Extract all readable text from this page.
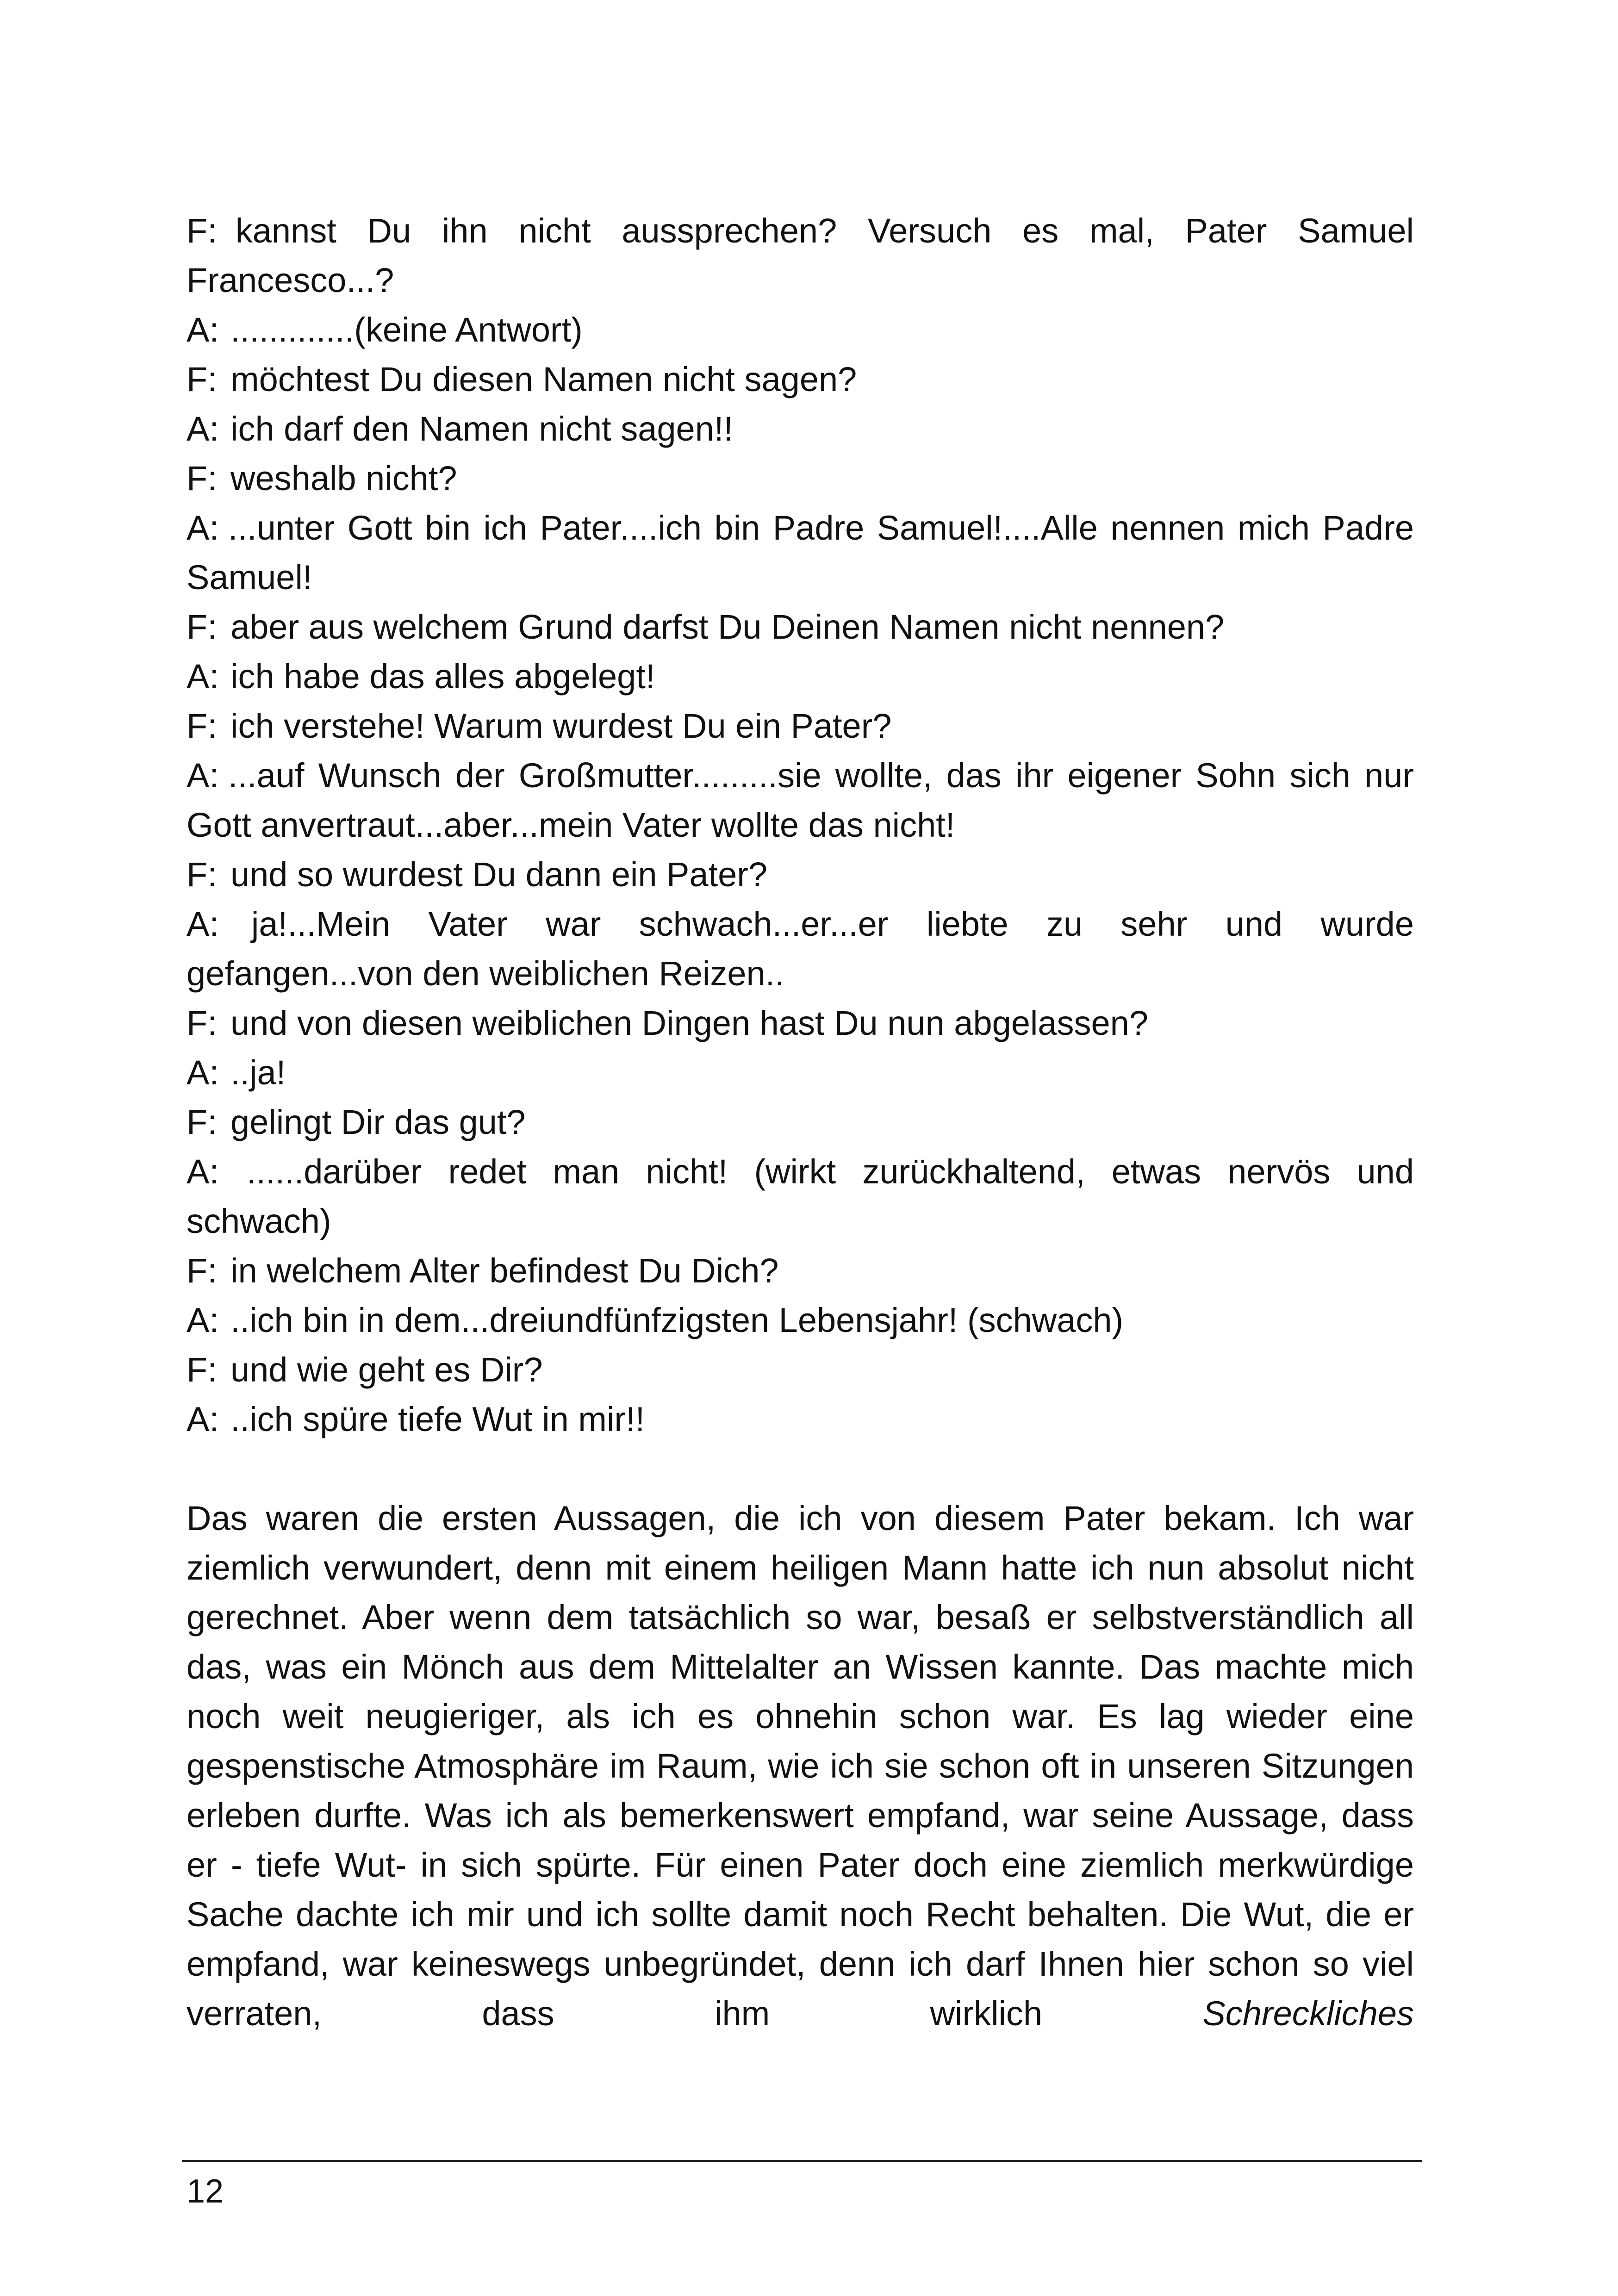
F: kannst Du ihn nicht aussprechen? Versuch es mal, Pater Samuel Francesco...?
A: .............(keine Antwort)
F: möchtest Du diesen Namen nicht sagen?
A: ich darf den Namen nicht sagen!!
F: weshalb nicht?
A: ...unter Gott bin ich Pater....ich bin Padre Samuel!....Alle nennen mich Padre Samuel!
F: aber aus welchem Grund darfst Du Deinen Namen nicht nennen?
A: ich habe das alles abgelegt!
F: ich verstehe! Warum wurdest Du ein Pater?
A: ...auf Wunsch der Großmutter.........sie wollte, das ihr eigener Sohn sich nur Gott anvertraut...aber...mein Vater wollte das nicht!
F: und so wurdest Du dann ein Pater?
A: ja!...Mein Vater war schwach...er...er liebte zu sehr und wurde gefangen...von den weiblichen Reizen..
F: und von diesen weiblichen Dingen hast Du nun abgelassen?
A: ..ja!
F: gelingt Dir das gut?
A: ......darüber redet man nicht! (wirkt zurückhaltend, etwas nervös und schwach)
F: in welchem Alter befindest Du Dich?
A: ..ich bin in dem...dreiundfünfzigsten Lebensjahr! (schwach)
F: und wie geht es Dir?
A: ..ich spüre tiefe Wut in mir!!
Das waren die ersten Aussagen, die ich von diesem Pater bekam. Ich war ziemlich verwundert, denn mit einem heiligen Mann hatte ich nun absolut nicht gerechnet. Aber wenn dem tatsächlich so war, besaß er selbstverständlich all das, was ein Mönch aus dem Mittelalter an Wissen kannte. Das machte mich noch weit neugieriger, als ich es ohnehin schon war. Es lag wieder eine gespenstische Atmosphäre im Raum, wie ich sie schon oft in unseren Sitzungen erleben durfte. Was ich als bemerkenswert empfand, war seine Aussage, dass er - tiefe Wut- in sich spürte. Für einen Pater doch eine ziemlich merkwürdige Sache dachte ich mir und ich sollte damit noch Recht behalten. Die Wut, die er empfand, war keineswegs unbegründet, denn ich darf Ihnen hier schon so viel verraten, dass ihm wirklich	Schreckliches
12
